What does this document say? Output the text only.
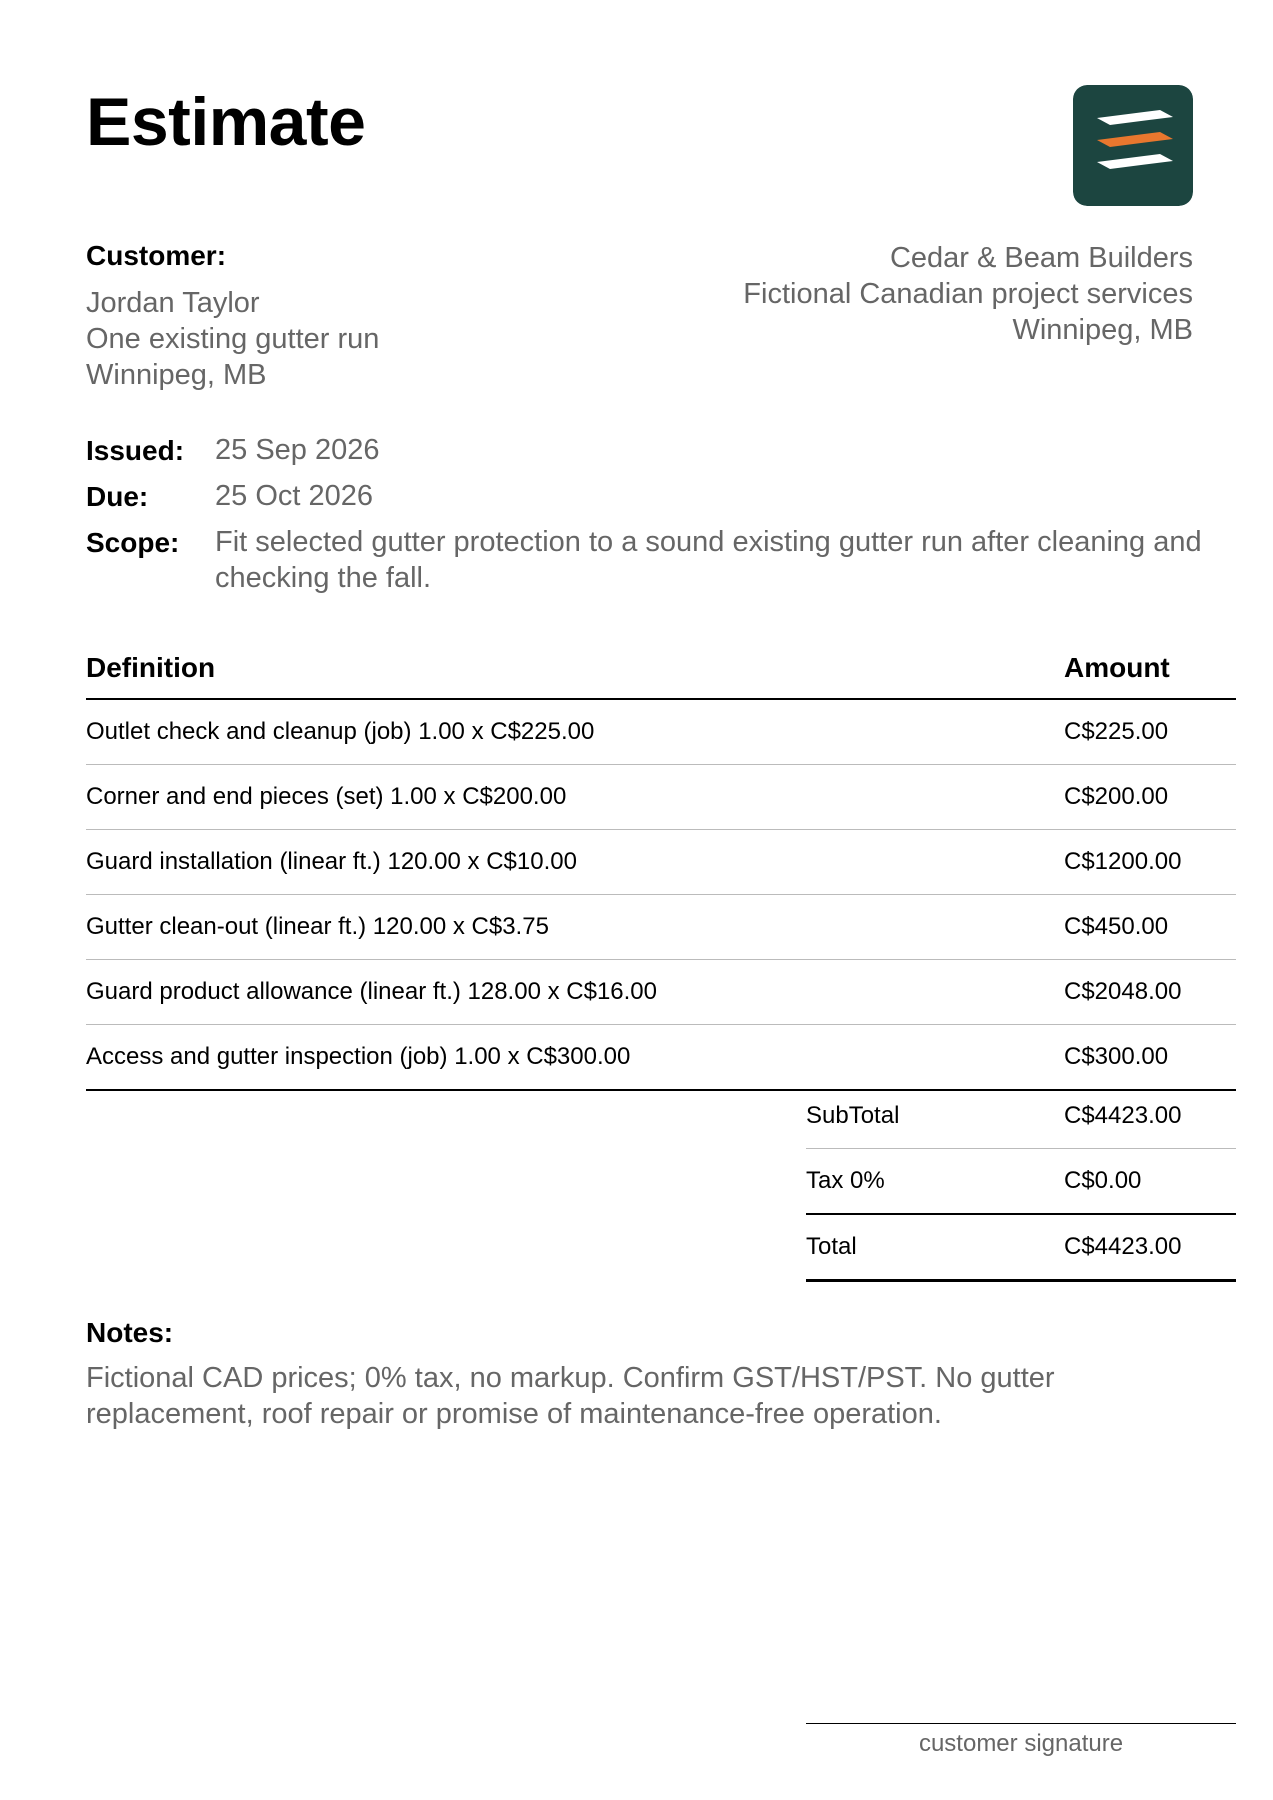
Estimate
Customer:
Jordan Taylor
One existing gutter run
Winnipeg, MB
Cedar & Beam Builders
Fictional Canadian project services
Winnipeg, MB
Issued: 25 Sep 2026
Due: 25 Oct 2026
Scope: Fit selected gutter protection to a sound existing gutter run after cleaning and checking the fall.
Definition	Amount
Outlet check and cleanup (job) 1.00 x C$225.00	C$225.00
Corner and end pieces (set) 1.00 x C$200.00	C$200.00
Guard installation (linear ft.) 120.00 x C$10.00	C$1200.00
Gutter clean-out (linear ft.) 120.00 x C$3.75	C$450.00
Guard product allowance (linear ft.) 128.00 x C$16.00	C$2048.00
Access and gutter inspection (job) 1.00 x C$300.00	C$300.00
SubTotal	C$4423.00
Tax 0%	C$0.00
Total	C$4423.00
Notes:
Fictional CAD prices; 0% tax, no markup. Confirm GST/HST/PST. No gutter replacement, roof repair or promise of maintenance-free operation.
customer signature
